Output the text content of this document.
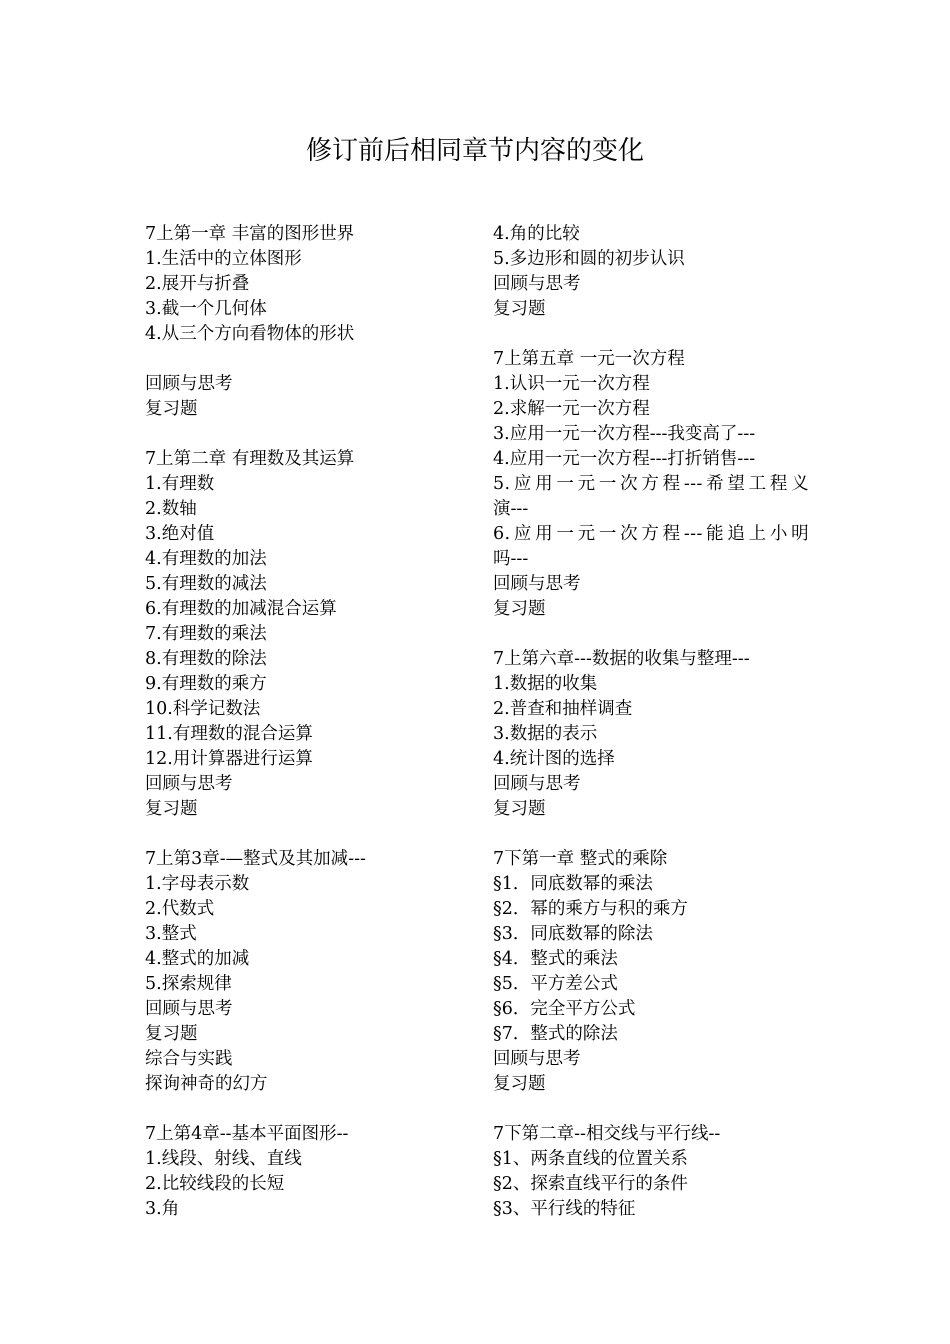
修订前后相同章节内容的变化
7上第一章 丰富的图形世界
1.生活中的立体图形
2.展开与折叠
3.截一个几何体
4.从三个方向看物体的形状
回顾与思考
复习题
7上第二章 有理数及其运算
1.有理数
2.数轴
3.绝对值
4.有理数的加法
5.有理数的减法
6.有理数的加减混合运算
7.有理数的乘法
8.有理数的除法
9.有理数的乘方
10.科学记数法
11.有理数的混合运算
12.用计算器进行运算
回顾与思考
复习题
7上第3章-—整式及其加减---
1.字母表示数
2.代数式
3.整式
4.整式的加减
5.探索规律
回顾与思考
复习题
综合与实践
探询神奇的幻方
7上第4章--基本平面图形--
1.线段、射线、直线
2.比较线段的长短
3.角
4.角的比较
5.多边形和圆的初步认识
回顾与思考
复习题
7上第五章 一元一次方程
1.认识一元一次方程
2.求解一元一次方程
3.应用一元一次方程---我变高了---
4.应用一元一次方程---打折销售---
5.应用一元一次方程---希望工程义
演---
6.应用一元一次方程---能追上小明
吗---
回顾与思考
复习题
7上第六章---数据的收集与整理---
1.数据的收集
2.普查和抽样调查
3.数据的表示
4.统计图的选择
回顾与思考
复习题
7下第一章 整式的乘除
§1．同底数幂的乘法
§2．幂的乘方与积的乘方
§3．同底数幂的除法
§4．整式的乘法
§5．平方差公式
§6．完全平方公式
§7．整式的除法
回顾与思考
复习题
7下第二章--相交线与平行线--
§1、两条直线的位置关系
§2、探索直线平行的条件
§3、平行线的特征
